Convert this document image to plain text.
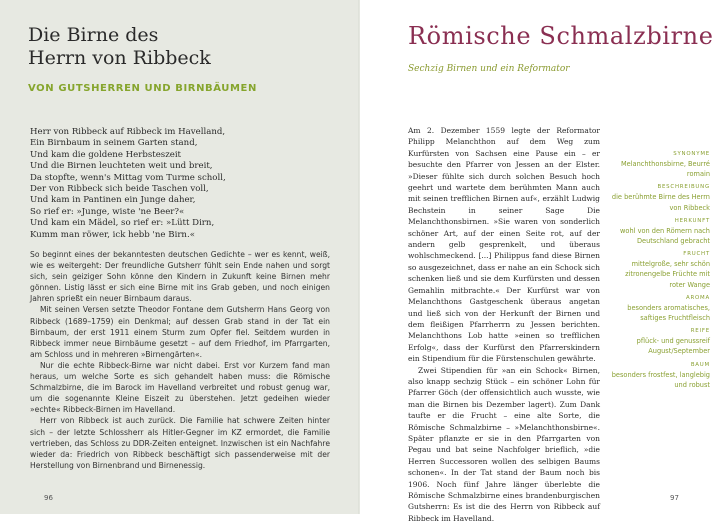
Die Birne des
Herrn von Ribbeck
VON GUTSHERREN UND BIRNBÄUMEN
Herr von Ribbeck auf Ribbeck im Havelland,
Ein Birnbaum in seinem Garten stand,
Und kam die goldene Herbsteszeit
Und die Birnen leuchteten weit und breit,
Da stopfte, wenn's Mittag vom Turme scholl,
Der von Ribbeck sich beide Taschen voll,
Und kam in Pantinen ein Junge daher,
So rief er: »Junge, wiste 'ne Beer?«
Und kam ein Mädel, so rief er: »Lütt Dirn,
Kumm man röwer, ick hebb 'ne Birn.«

So beginnt eines der bekanntesten deutschen Gedichte – wer es kennt, weiß, wie es weitergeht: Der freundliche Gutsherr fühlt sein Ende nahen und sorgt sich, sein geiziger Sohn könne den Kindern in Zukunft keine Birnen mehr gönnen. Listig lässt er sich eine Birne mit ins Grab geben, und noch einigen Jahren sprießt ein neuer Birnbaum daraus.

Mit seinen Versen setzte Theodor Fontane dem Gutsherrn Hans Georg von Ribbeck (1689–1759) ein Denkmal; auf dessen Grab stand in der Tat ein Birnbaum, der erst 1911 einem Sturm zum Opfer fiel. Seitdem wurden in Ribbeck immer neue Birnbäume gesetzt – auf dem Friedhof, im Pfarrgarten, am Schloss und in mehreren »Birnengärten«.

Nur die echte Ribbeck-Birne war nicht dabei. Erst vor Kurzem fand man heraus, um welche Sorte es sich gehandelt haben muss: die Römische Schmalzbirne, die im Barock im Havelland verbreitet und robust genug war, um die sogenannte Kleine Eiszeit zu überstehen. Jetzt gedeihen wieder »echte« Ribbeck-Birnen im Havelland.

Herr von Ribbeck ist auch zurück. Die Familie hat schwere Zeiten hinter sich – der letzte Schlossherr als Hitler-Gegner im KZ ermordet, die Familie vertrieben, das Schloss zu DDR-Zeiten enteignet. Inzwischen ist ein Nachfahre wieder da: Friedrich von Ribbeck beschäftigt sich passenderweise mit der Herstellung von Birnenbrand und Birnenessig.

96
Römische Schmalzbirne
Sechzig Birnen und ein Reformator

Am 2. Dezember 1559 legte der Reformator Philipp Melanchthon auf dem Weg zum Kurfürsten von Sachsen eine Pause ein – er besuchte den Pfarrer von Jessen an der Elster. »Dieser fühlte sich durch solchen Besuch hoch geehrt und wartete dem berühmten Mann auch mit seinen trefflichen Birnen auf«, erzählt Ludwig Bechstein in seiner Sage Die Melanchthonsbirnen. »Sie waren von sonderlich schöner Art, auf der einen Seite rot, auf der andern gelb gesprenkelt, und überaus wohlschmeckend. [...] Philippus fand diese Birnen so ausgezeichnet, dass er nahe an ein Schock sich schenken ließ und sie dem Kurfürsten und dessen Gemahlin mitbrachte.« Der Kurfürst war von Melanchthons Gastgeschenk überaus angetan und ließ sich von der Herkunft der Birnen und dem fleißigen Pfarrherrn zu Jessen berichten. Melanchthons Lob hatte »einen so trefflichen Erfolg«, dass der Kurfürst den Pfarrerskindern ein Stipendium für die Fürstenschulen gewährte.

Zwei Stipendien für »an ein Schock« Birnen, also knapp sechzig Stück – ein schöner Lohn für Pfarrer Göch (der offensichtlich auch wusste, wie man die Birnen bis Dezember lagert). Zum Dank taufte er die Frucht – eine alte Sorte, die Römische Schmalzbirne – »Melanchthonsbirne«. Später pflanzte er sie in den Pfarrgarten von Pegau und bat seine Nachfolger brieflich, »die Herren Successoren wollen des selbigen Baums schonen«. In der Tat stand der Baum noch bis 1906. Noch fünf Jahre länger überlebte die Römische Schmalzbirne eines brandenburgischen Gutsherrn: Es ist die des Herrn von Ribbeck auf Ribbeck im Havelland.

SYNONYME
Melanchthonsbirne, Beurré romain
BESCHREIBUNG
die berühmte Birne des Herrn von Ribbeck
HERKUNFT
wohl von den Römern nach Deutschland gebracht
FRUCHT
mittelgroße, sehr schön zitronengelbe Früchte mit roter Wange
AROMA
besonders aromatisches, saftiges Fruchtfleisch
REIFE
pflück- und genussreif August/September
BAUM
besonders frostfest, langlebig und robust
97
